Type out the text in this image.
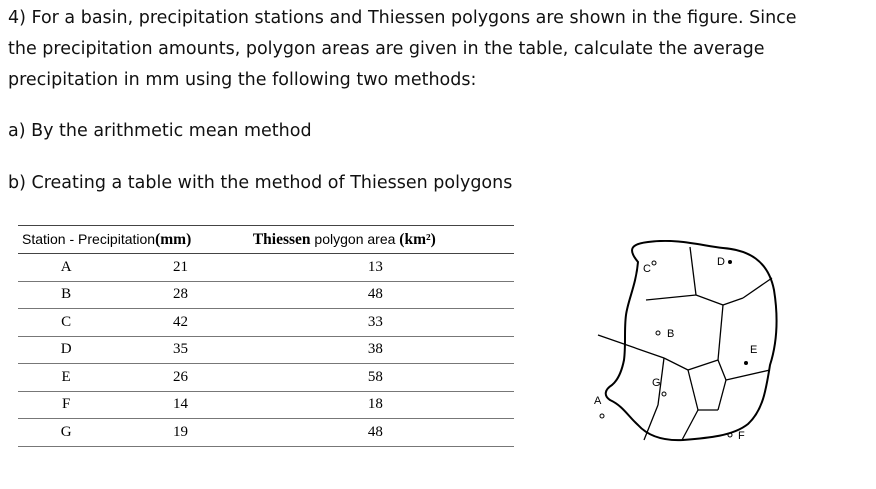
4) For a basin, precipitation stations and Thiessen polygons are shown in the figure. Since
the precipitation amounts, polygon areas are given in the table, calculate the average
precipitation in mm using the following two methods:
a) By the arithmetic mean method
b) Creating a table with the method of Thiessen polygons
Station - Precipitation(mm)		Thiessen polygon area (km²)
A	21	13
B	28	48
C	42	33
D	35	38
E	26	58
F	14	18
G	19	48
C
D
B
E
G
A
F
